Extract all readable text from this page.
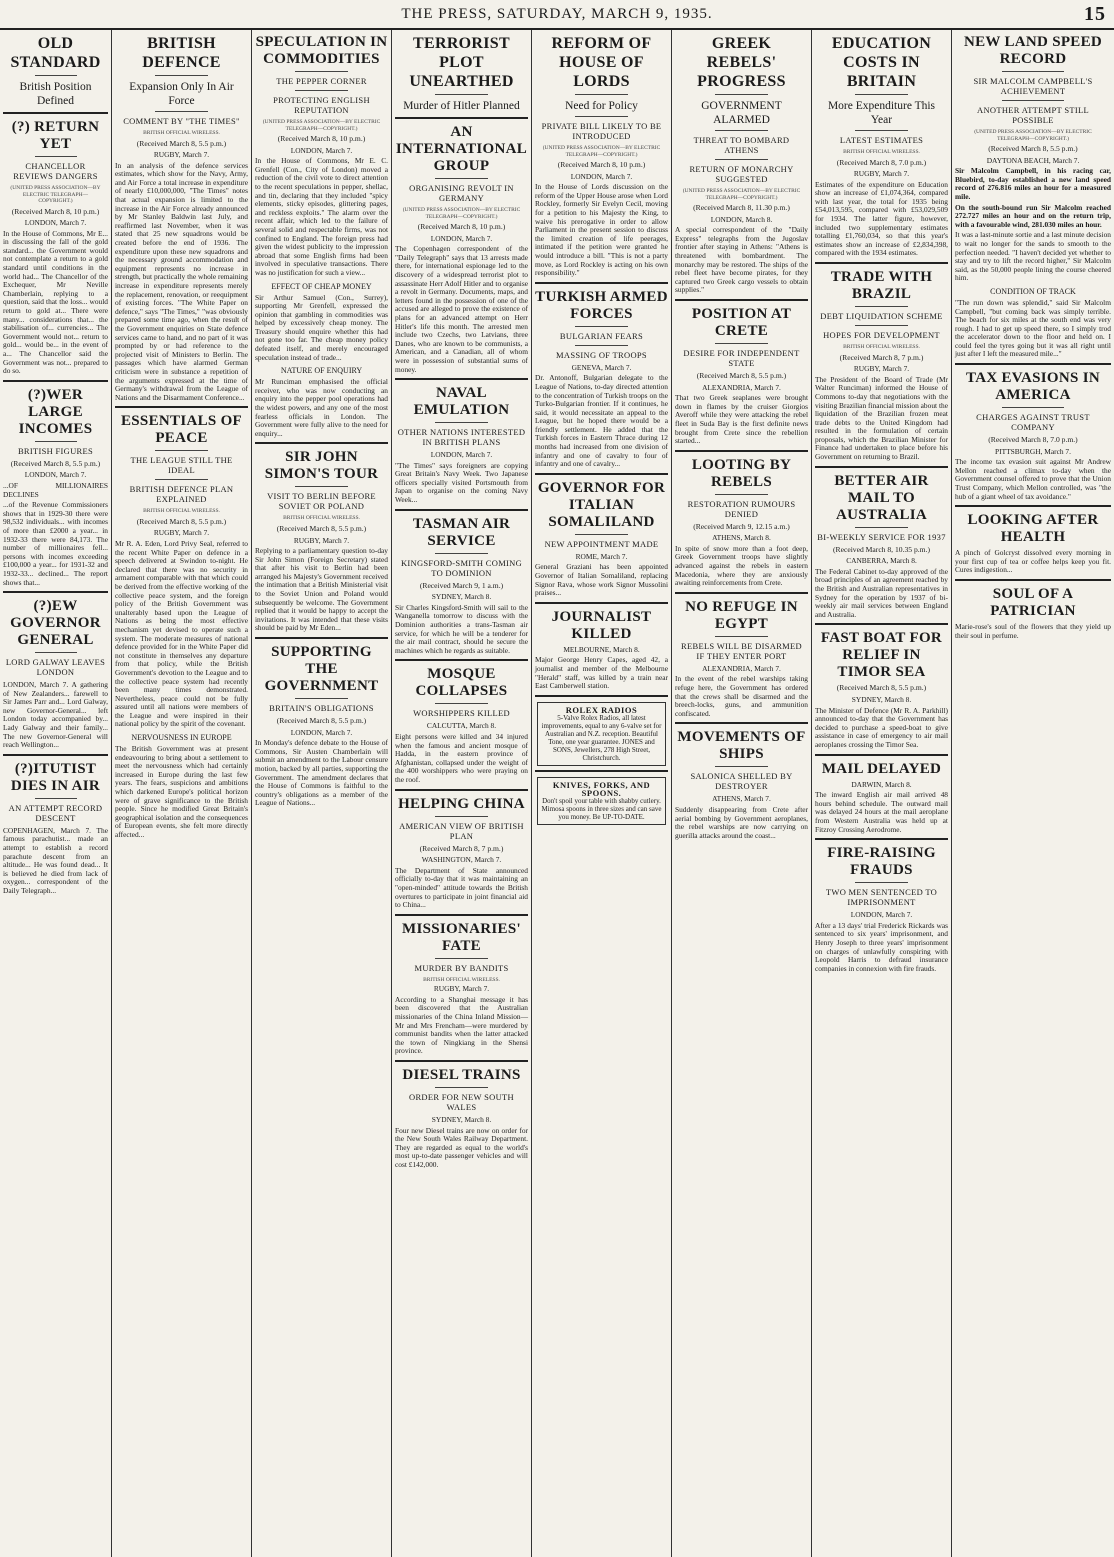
THE PRESS, SATURDAY, MARCH 9, 1935.	15
OLD STANDARD
British Position Defined
(?) RETURN YET
CHANCELLOR REVIEWS DANGERS
(UNITED PRESS ASSOCIATION—BY ELECTRIC TELEGRAPH—COPYRIGHT.)
(Received March 8, 10 p.m.)
LONDON, March 7.
In the House of Commons, Mr E... in discussing the fall of the gold standard... the Government would not contemplate a return to a gold standard until conditions in the world had... The Chancellor of the Exchequer, Mr Neville Chamberlain, replying to a question, said that the loss... would return to gold at... There were many... considerations that... the stabilisation of... currencies... The Government would not... return to gold... would be... in the event of a... The Chancellor said the Government was not... prepared to do so.
(?)WER LARGE INCOMES
BRITISH FIGURES
(Received March 8, 5.5 p.m.)
LONDON, March 7.
...OF MILLIONAIRES DECLINES
...of the Revenue Commissioners shows that in 1929-30 there were 98,532 individuals... with incomes of more than £2000 a year... in 1932-33 there were 84,173. The number of millionaires fell... persons with incomes exceeding £100,000 a year... for 1931-32 and 1932-33... declined... The report shows that...
(?)EW GOVERNOR GENERAL
LORD GALWAY LEAVES LONDON
LONDON, March 7. A gathering of New Zealanders... farewell to Sir James Parr and... Lord Galway, new Governor-General... left London today accompanied by... Lady Galway and their family... The new Governor-General will reach Wellington...
(?)ITUTIST DIES IN AIR
AN ATTEMPT RECORD DESCENT
COPENHAGEN, March 7. The famous parachutist... made an attempt to establish a record parachute descent from an altitude... He was found dead... It is believed he died from lack of oxygen... correspondent of the Daily Telegraph...
BRITISH DEFENCE
Expansion Only In Air Force
COMMENT BY "THE TIMES"
BRITISH OFFICIAL WIRELESS.
(Received March 8, 5.5 p.m.)
RUGBY, March 7.
In an analysis of the defence services estimates, which show for the Navy, Army, and Air Force a total increase in expenditure of nearly £10,000,000, "The Times" notes that actual expansion is limited to the increase in the Air Force already announced by Mr Stanley Baldwin last July, and reaffirmed last November, when it was stated that 25 new squadrons would be created before the end of 1936. The expenditure upon these new squadrons and the necessary ground accommodation and equipment represents no increase in strength, but practically the whole remaining increase in expenditure represents merely the replacement, renovation, or reequipment of existing forces. "The White Paper on defence," says "The Times," "was obviously prepared some time ago, when the result of the Government enquiries on State defence services came to hand, and no part of it was prompted by or had reference to the projected visit of Ministers to Berlin. The passages which have alarmed German criticism were in substance a repetition of the arguments expressed at the time of Germany's withdrawal from the League of Nations and the Disarmament Conference...
ESSENTIALS OF PEACE
THE LEAGUE STILL THE IDEAL
BRITISH DEFENCE PLAN EXPLAINED
BRITISH OFFICIAL WIRELESS.
(Received March 8, 5.5 p.m.)
RUGBY, March 7.
Mr R. A. Eden, Lord Privy Seal, referred to the recent White Paper on defence in a speech delivered at Swindon to-night. He declared that there was no security in armament comparable with that which could be derived from the effective working of the collective peace system, and the foreign policy of the British Government was unalterably based upon the League of Nations as being the most effective mechanism yet devised to operate such a system. The moderate measures of national defence provided for in the White Paper did not constitute in themselves any departure from that policy, while the British Government's devotion to the League and to the collective peace system had recently been many times demonstrated. Nevertheless, peace could not be fully assured until all nations were members of the League and were inspired in their national policy by the spirit of the covenant.
NERVOUSNESS IN EUROPE
The British Government was at present endeavouring to bring about a settlement to meet the nervousness which had certainly increased in Europe during the last few years. The fears, suspicions and ambitions which darkened Europe's political horizon were of grave significance to the British people. Since he modified Great Britain's geographical isolation and the consequences of European events, she felt more directly affected...
SPECULATION IN COMMODITIES
THE PEPPER CORNER
PROTECTING ENGLISH REPUTATION
(UNITED PRESS ASSOCIATION—BY ELECTRIC TELEGRAPH—COPYRIGHT.)
(Received March 8, 10 p.m.)
LONDON, March 7.
In the House of Commons, Mr E. C. Grenfell (Con., City of London) moved a reduction of the civil vote to direct attention to the recent speculations in pepper, shellac, and tin, declaring that they included "spicy elements, sticky episodes, glittering pages, and reckless exploits." The alarm over the recent affair, which led to the failure of several solid and respectable firms, was not confined to England. The foreign press had given the widest publicity to the impression abroad that some English firms had been involved in speculative transactions. There was no justification for such a view...
EFFECT OF CHEAP MONEY
Sir Arthur Samuel (Con., Surrey), supporting Mr Grenfell, expressed the opinion that gambling in commodities was helped by excessively cheap money. The Treasury should enquire whether this had not gone too far. The cheap money policy defeated itself, and merely encouraged speculation instead of trade...
NATURE OF ENQUIRY
Mr Runciman emphasised the official receiver, who was now conducting an enquiry into the pepper pool operations had the widest powers, and any one of the most fearless officials in London. The Government were fully alive to the need for enquiry...
SIR JOHN SIMON'S TOUR
VISIT TO BERLIN BEFORE SOVIET OR POLAND
BRITISH OFFICIAL WIRELESS.
(Received March 8, 5.5 p.m.)
RUGBY, March 7.
Replying to a parliamentary question to-day Sir John Simon (Foreign Secretary) stated that after his visit to Berlin had been arranged his Majesty's Government received the intimation that a British Ministerial visit to the Soviet Union and Poland would subsequently be welcome. The Government replied that it would be happy to accept the invitations. It was intended that these visits should be paid by Mr Eden...
SUPPORTING THE GOVERNMENT
BRITAIN'S OBLIGATIONS
(Received March 8, 5.5 p.m.)
LONDON, March 7.
In Monday's defence debate to the House of Commons, Sir Austen Chamberlain will submit an amendment to the Labour censure motion, backed by all parties, supporting the Government. The amendment declares that the House of Commons is faithful to the country's obligations as a member of the League of Nations...
TERRORIST PLOT UNEARTHED
Murder of Hitler Planned
AN INTERNATIONAL GROUP
ORGANISING REVOLT IN GERMANY
(UNITED PRESS ASSOCIATION—BY ELECTRIC TELEGRAPH—COPYRIGHT.)
(Received March 8, 10 p.m.)
LONDON, March 7.
The Copenhagen correspondent of the "Daily Telegraph" says that 13 arrests made there, for international espionage led to the discovery of a widespread terrorist plot to assassinate Herr Adolf Hitler and to organise a revolt in Germany. Documents, maps, and letters found in the possession of one of the accused are alleged to prove the existence of plans for an advanced attempt on Herr Hitler's life this month. The arrested men include two Czechs, two Latvians, three Danes, who are known to be communists, a American, and a Canadian, all of whom were in possession of substantial sums of money.
NAVAL EMULATION
OTHER NATIONS INTERESTED IN BRITISH PLANS
LONDON, March 7.
"The Times" says foreigners are copying Great Britain's Navy Week. Two Japanese officers specially visited Portsmouth from Japan to organise on the coming Navy Week...
TASMAN AIR SERVICE
KINGSFORD-SMITH COMING TO DOMINION
(Received March 9, 1 a.m.)
SYDNEY, March 8.
Sir Charles Kingsford-Smith will sail to the Wanganella tomorrow to discuss with the Dominion authorities a trans-Tasman air service, for which he will be a tenderer for the air mail contract, should he secure the machines which he regards as suitable.
MOSQUE COLLAPSES
WORSHIPPERS KILLED
CALCUTTA, March 8.
Eight persons were killed and 34 injured when the famous and ancient mosque of Hadda, in the eastern province of Afghanistan, collapsed under the weight of the 400 worshippers who were praying on the roof.
HELPING CHINA
AMERICAN VIEW OF BRITISH PLAN
(Received March 8, 7 p.m.)
WASHINGTON, March 7.
The Department of State announced officially to-day that it was maintaining an "open-minded" attitude towards the British overtures to participate in joint financial aid to China...
MISSIONARIES' FATE
MURDER BY BANDITS
BRITISH OFFICIAL WIRELESS.
RUGBY, March 7.
According to a Shanghai message it has been discovered that the Australian missionaries of the China Inland Mission—Mr and Mrs Frencham—were murdered by communist bandits when the latter attacked the town of Ningkiang in the Shensi province.
DIESEL TRAINS
ORDER FOR NEW SOUTH WALES
SYDNEY, March 8.
Four new Diesel trains are now on order for the New South Wales Railway Department. They are regarded as equal to the world's most up-to-date passenger vehicles and will cost £142,000.
REFORM OF HOUSE OF LORDS
Need for Policy
PRIVATE BILL LIKELY TO BE INTRODUCED
(UNITED PRESS ASSOCIATION—BY ELECTRIC TELEGRAPH—COPYRIGHT.)
(Received March 8, 10 p.m.)
LONDON, March 7.
In the House of Lords discussion on the reform of the Upper House arose when Lord Rockley, formerly Sir Evelyn Cecil, moving for a petition to his Majesty the King, to waive his prerogative in order to allow Parliament in the present session to discuss the limited creation of life peerages, intimated if the petition were granted he would introduce a bill. "This is not a party move, as Lord Rockley is acting on his own responsibility."
TURKISH ARMED FORCES
BULGARIAN FEARS
MASSING OF TROOPS
GENEVA, March 7.
Dr. Antonoff, Bulgarian delegate to the League of Nations, to-day directed attention to the concentration of Turkish troops on the Turko-Bulgarian frontier. If it continues, he said, it would necessitate an appeal to the League, but he hoped there would be a friendly settlement. He added that the Turkish forces in Eastern Thrace during 12 months had increased from one division of infantry and one of cavalry to four of infantry and one of cavalry...
GOVERNOR FOR ITALIAN SOMALILAND
NEW APPOINTMENT MADE
ROME, March 7.
General Graziani has been appointed Governor of Italian Somaliland, replacing Signor Rava, whose work Signor Mussolini praises...
JOURNALIST KILLED
MELBOURNE, March 8.
Major George Henry Capes, aged 42, a journalist and member of the Melbourne "Herald" staff, was killed by a train near East Camberwell station.
ROLEX RADIOS
5-Valve Rolex Radios, all latest improvements, equal to any 6-valve set for Australian and N.Z. reception. Beautiful Tone, one year guarantee. JONES and SONS, Jewellers, 278 High Street, Christchurch.
KNIVES, FORKS, AND SPOONS.
Don't spoil your table with shabby cutlery. Mimosa spoons in three sizes and can save you money. Be UP-TO-DATE.
GREEK REBELS' PROGRESS
GOVERNMENT ALARMED
THREAT TO BOMBARD ATHENS
RETURN OF MONARCHY SUGGESTED
(UNITED PRESS ASSOCIATION—BY ELECTRIC TELEGRAPH—COPYRIGHT.)
(Received March 8, 11.30 p.m.)
LONDON, March 8.
A special correspondent of the "Daily Express" telegraphs from the Jugoslav frontier after staying in Athens: "Athens is threatened with bombardment. The monarchy may be restored. The ships of the rebel fleet have become pirates, for they captured two Greek cargo vessels to obtain supplies."
POSITION AT CRETE
DESIRE FOR INDEPENDENT STATE
(Received March 8, 5.5 p.m.)
ALEXANDRIA, March 7.
That two Greek seaplanes were brought down in flames by the cruiser Giorgios Averoff while they were attacking the rebel fleet in Suda Bay is the first definite news brought from Crete since the rebellion started...
LOOTING BY REBELS
RESTORATION RUMOURS DENIED
(Received March 9, 12.15 a.m.)
ATHENS, March 8.
In spite of snow more than a foot deep, Greek Government troops have slightly advanced against the rebels in eastern Macedonia, where they are anxiously awaiting reinforcements from Crete.
NO REFUGE IN EGYPT
REBELS WILL BE DISARMED IF THEY ENTER PORT
ALEXANDRIA, March 7.
In the event of the rebel warships taking refuge here, the Government has ordered that the crews shall be disarmed and the breech-locks, guns, and ammunition confiscated.
MOVEMENTS OF SHIPS
SALONICA SHELLED BY DESTROYER
ATHENS, March 7.
Suddenly disappearing from Crete after aerial bombing by Government aeroplanes, the rebel warships are now carrying on guerilla attacks around the coast...
EDUCATION COSTS IN BRITAIN
More Expenditure This Year
LATEST ESTIMATES
BRITISH OFFICIAL WIRELESS.
(Received March 8, 7.0 p.m.)
RUGBY, March 7.
Estimates of the expenditure on Education show an increase of £1,074,364, compared with last year, the total for 1935 being £54,013,595, compared with £53,029,509 for 1934. The latter figure, however, included two supplementary estimates totalling £1,760,034, so that this year's estimates show an increase of £2,834,398, compared with the 1934 estimates.
TRADE WITH BRAZIL
DEBT LIQUIDATION SCHEME
HOPES FOR DEVELOPMENT
BRITISH OFFICIAL WIRELESS.
(Received March 8, 7 p.m.)
RUGBY, March 7.
The President of the Board of Trade (Mr Walter Runciman) informed the House of Commons to-day that negotiations with the visiting Brazilian financial mission about the liquidation of the Brazilian frozen meat trade debts to the United Kingdom had resulted in the formulation of certain proposals, which the Brazilian Minister for Finance had undertaken to place before his Government on returning to Brazil.
BETTER AIR MAIL TO AUSTRALIA
BI-WEEKLY SERVICE FOR 1937
(Received March 8, 10.35 p.m.)
CANBERRA, March 8.
The Federal Cabinet to-day approved of the broad principles of an agreement reached by the British and Australian representatives in Sydney for the operation by 1937 of bi-weekly air mail services between England and Australia.
FAST BOAT FOR RELIEF IN TIMOR SEA
(Received March 8, 5.5 p.m.)
SYDNEY, March 8.
The Minister of Defence (Mr R. A. Parkhill) announced to-day that the Government has decided to purchase a speed-boat to give assistance in case of emergency to air mail aeroplanes crossing the Timor Sea.
MAIL DELAYED
DARWIN, March 8.
The inward English air mail arrived 48 hours behind schedule. The outward mail was delayed 24 hours at the mail aeroplane from Western Australia was held up at Fitzroy Crossing Aerodrome.
FIRE-RAISING FRAUDS
TWO MEN SENTENCED TO IMPRISONMENT
LONDON, March 7.
After a 13 days' trial Frederick Rickards was sentenced to six years' imprisonment, and Henry Joseph to three years' imprisonment on charges of unlawfully conspiring with Leopold Harris to defraud insurance companies in connexion with fire frauds.
NEW LAND SPEED RECORD
SIR MALCOLM CAMPBELL'S ACHIEVEMENT
ANOTHER ATTEMPT STILL POSSIBLE
(UNITED PRESS ASSOCIATION—BY ELECTRIC TELEGRAPH—COPYRIGHT.)
(Received March 8, 5.5 p.m.)
DAYTONA BEACH, March 7.
Sir Malcolm Campbell, in his racing car, Bluebird, to-day established a new land speed record of 276.816 miles an hour for a measured mile.
On the south-bound run Sir Malcolm reached 272.727 miles an hour and on the return trip, with a favourable wind, 281.030 miles an hour.
It was a last-minute sortie and a last minute decision to wait no longer for the sands to smooth to the perfection needed. "I haven't decided yet whether to stay and try to lift the record higher," Sir Malcolm said, as the 50,000 people lining the course cheered him.
CONDITION OF TRACK
"The run down was splendid," said Sir Malcolm Campbell, "but coming back was simply terrible. The beach for six miles at the south end was very rough. I had to get up speed there, so I simply trod the accelerator down to the floor and held on. I could feel the tyres going but it was all right until just after I left the measured mile..."
TAX EVASIONS IN AMERICA
CHARGES AGAINST TRUST COMPANY
(Received March 8, 7.0 p.m.)
PITTSBURGH, March 7.
The income tax evasion suit against Mr Andrew Mellon reached a climax to-day when the Government counsel offered to prove that the Union Trust Company, which Mellon controlled, was "the hub of a giant wheel of tax avoidance."
LOOKING AFTER HEALTH
A pinch of Golcryst dissolved every morning in your first cup of tea or coffee helps keep you fit. Cures indigestion...
SOUL OF A PATRICIAN
Marie-rose's soul of the flowers that they yield up their soul in perfume.
